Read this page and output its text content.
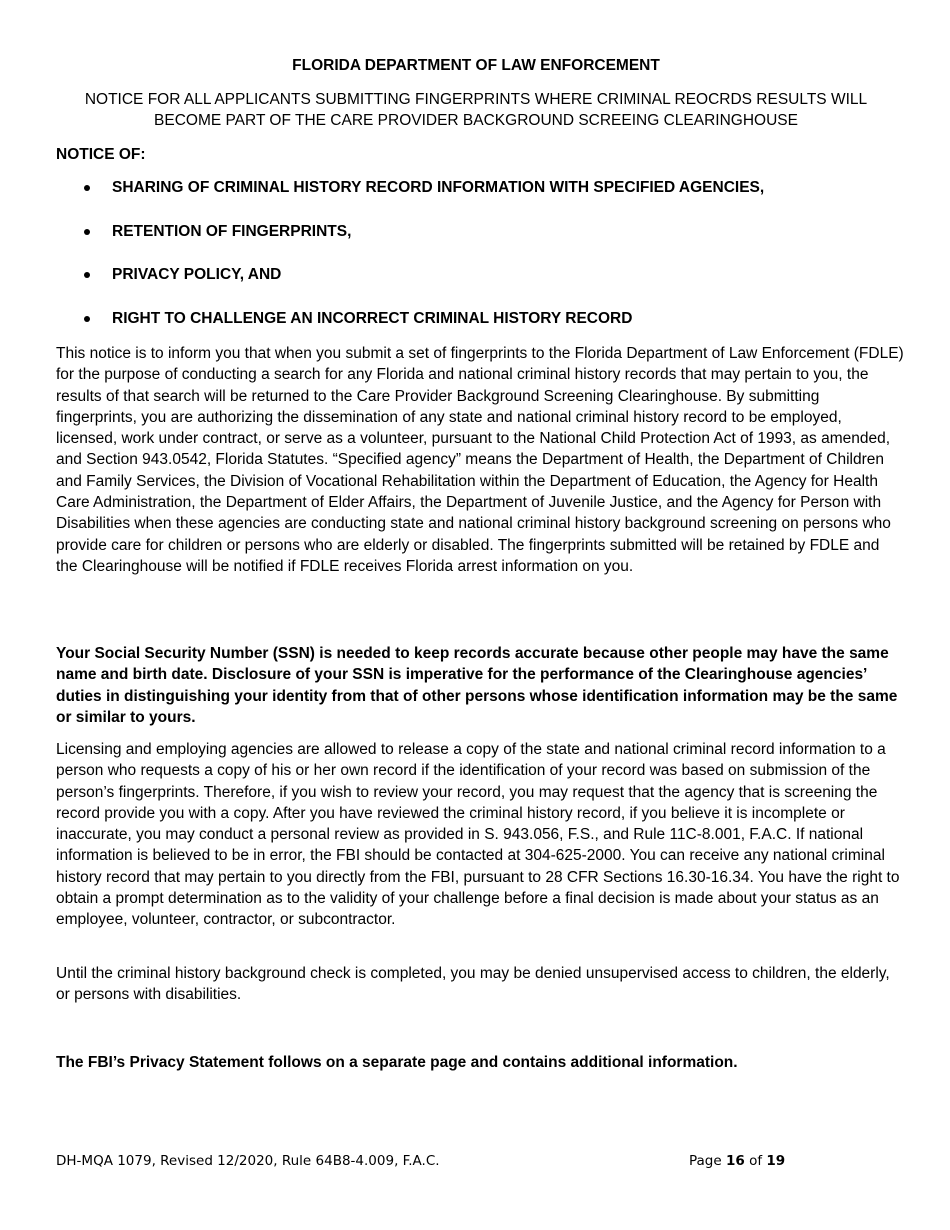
FLORIDA DEPARTMENT OF LAW ENFORCEMENT
NOTICE FOR ALL APPLICANTS SUBMITTING FINGERPRINTS WHERE CRIMINAL REOCRDS RESULTS WILL BECOME PART OF THE CARE PROVIDER BACKGROUND SCREEING CLEARINGHOUSE
NOTICE OF:
SHARING OF CRIMINAL HISTORY RECORD INFORMATION WITH SPECIFIED AGENCIES,
RETENTION OF FINGERPRINTS,
PRIVACY POLICY, AND
RIGHT TO CHALLENGE AN INCORRECT CRIMINAL HISTORY RECORD

This notice is to inform you that when you submit a set of fingerprints to the Florida Department of Law Enforcement (FDLE) for the purpose of conducting a search for any Florida and national criminal history records that may pertain to you, the results of that search will be returned to the Care Provider Background Screening Clearinghouse. By submitting fingerprints, you are authorizing the dissemination of any state and national criminal history record to be employed, licensed, work under contract, or serve as a volunteer, pursuant to the National Child Protection Act of 1993, as amended, and Section 943.0542, Florida Statutes. “Specified agency” means the Department of Health, the Department of Children and Family Services, the Division of Vocational Rehabilitation within the Department of Education, the Agency for Health Care Administration, the Department of Elder Affairs, the Department of Juvenile Justice, and the Agency for Person with Disabilities when these agencies are conducting state and national criminal history background screening on persons who provide care for children or persons who are elderly or disabled. The fingerprints submitted will be retained by FDLE and the Clearinghouse will be notified if FDLE receives Florida arrest information on you.

Your Social Security Number (SSN) is needed to keep records accurate because other people may have the same name and birth date. Disclosure of your SSN is imperative for the performance of the Clearinghouse agencies’ duties in distinguishing your identity from that of other persons whose identification information may be the same or similar to yours.

Licensing and employing agencies are allowed to release a copy of the state and national criminal record information to a person who requests a copy of his or her own record if the identification of your record was based on submission of the person’s fingerprints. Therefore, if you wish to review your record, you may request that the agency that is screening the record provide you with a copy. After you have reviewed the criminal history record, if you believe it is incomplete or inaccurate, you may conduct a personal review as provided in S. 943.056, F.S., and Rule 11C-8.001, F.A.C. If national information is believed to be in error, the FBI should be contacted at 304-625-2000. You can receive any national criminal history record that may pertain to you directly from the FBI, pursuant to 28 CFR Sections 16.30-16.34. You have the right to obtain a prompt determination as to the validity of your challenge before a final decision is made about your status as an employee, volunteer, contractor, or subcontractor.

Until the criminal history background check is completed, you may be denied unsupervised access to children, the elderly, or persons with disabilities.

The FBI’s Privacy Statement follows on a separate page and contains additional information.

DH-MQA 1079, Revised 12/2020, Rule 64B8-4.009, F.A.C.	Page 16 of 19
